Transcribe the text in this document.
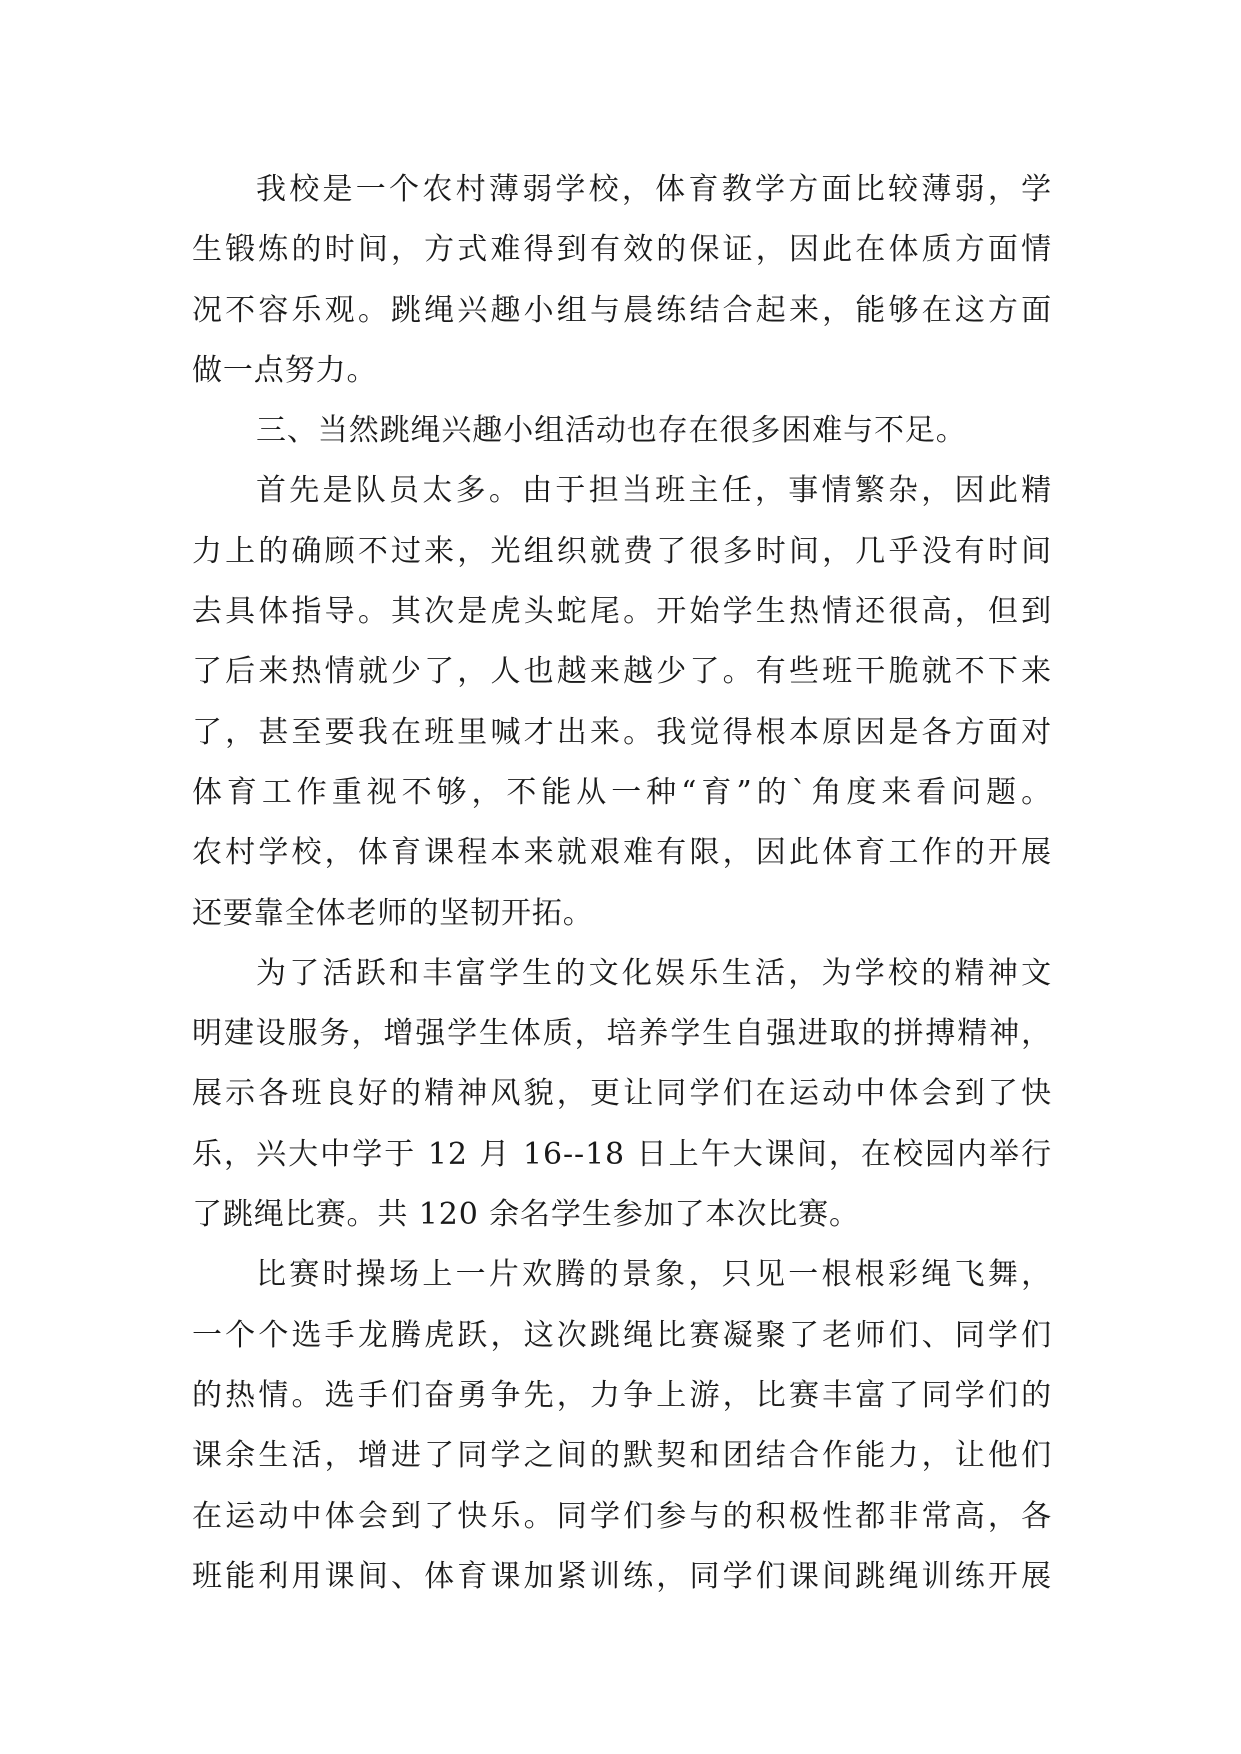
我校是一个农村薄弱学校，体育教学方面比较薄弱，学
生锻炼的时间，方式难得到有效的保证，因此在体质方面情
况不容乐观。跳绳兴趣小组与晨练结合起来，能够在这方面
做一点努力。
三、当然跳绳兴趣小组活动也存在很多困难与不足。
首先是队员太多。由于担当班主任，事情繁杂，因此精
力上的确顾不过来，光组织就费了很多时间，几乎没有时间
去具体指导。其次是虎头蛇尾。开始学生热情还很高，但到
了后来热情就少了，人也越来越少了。有些班干脆就不下来
了，甚至要我在班里喊才出来。我觉得根本原因是各方面对
体育工作重视不够，不能从一种“育”的`角度来看问题。
农村学校，体育课程本来就艰难有限，因此体育工作的开展
还要靠全体老师的坚韧开拓。
为了活跃和丰富学生的文化娱乐生活，为学校的精神文
明建设服务，增强学生体质，培养学生自强进取的拼搏精神，
展示各班良好的精神风貌，更让同学们在运动中体会到了快
乐，兴大中学于 12 月 16--18 日上午大课间，在校园内举行
了跳绳比赛。共 120 余名学生参加了本次比赛。
比赛时操场上一片欢腾的景象，只见一根根彩绳飞舞，
一个个选手龙腾虎跃，这次跳绳比赛凝聚了老师们、同学们
的热情。选手们奋勇争先，力争上游，比赛丰富了同学们的
课余生活，增进了同学之间的默契和团结合作能力，让他们
在运动中体会到了快乐。同学们参与的积极性都非常高，各
班能利用课间、体育课加紧训练，同学们课间跳绳训练开展
